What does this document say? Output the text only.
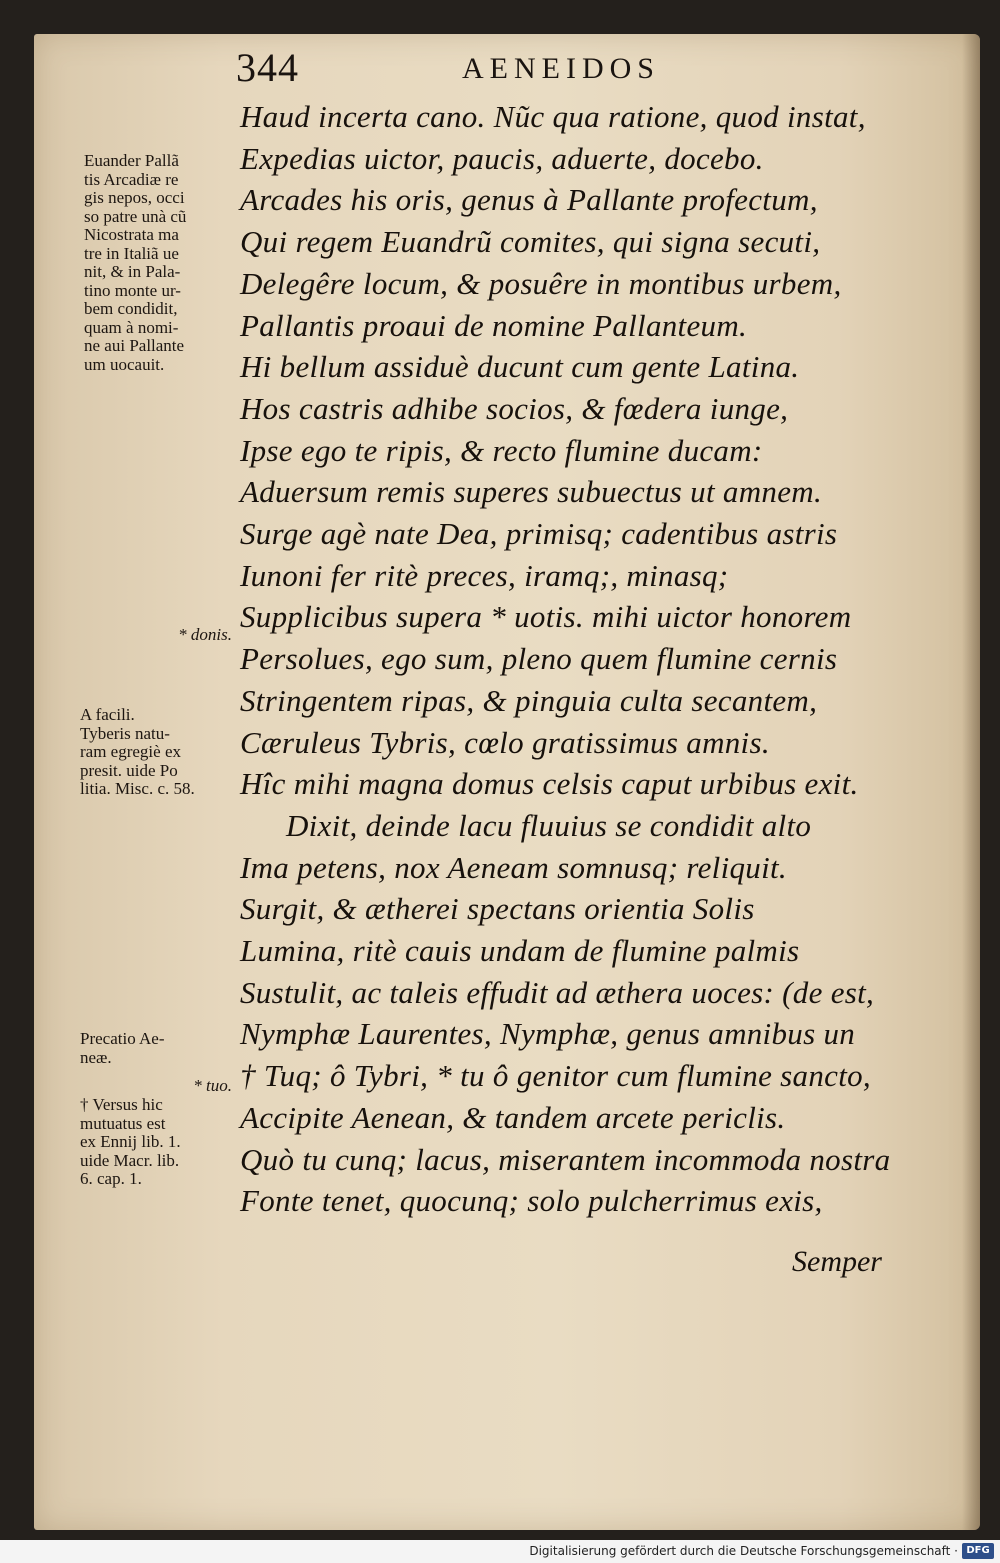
344	AENEIDOS
Haud incerta cano. Nũc qua ratione, quod instat,
Expedias uictor, paucis, aduerte, docebo.
Arcades his oris, genus à Pallante profectum,
Qui regem Euandrũ comites, qui signa secuti,
Delegêre locum, & posuêre in montibus urbem,
Pallantis proaui de nomine Pallanteum.
Hi bellum assiduè ducunt cum gente Latina.
Hos castris adhibe socios, & fœdera iunge,
Ipse ego te ripis, & recto flumine ducam:
Aduersum remis superes subuectus ut amnem.
Surge agè nate Dea, primisq; cadentibus astris
Iunoni fer ritè preces, iramq;, minasq;
Supplicibus supera * uotis. mihi uictor honorem
Persolues, ego sum, pleno quem flumine cernis
Stringentem ripas, & pinguia culta secantem,
Cæruleus Tybris, cœlo gratissimus amnis.
Hîc mihi magna domus celsis caput urbibus exit.
Dixit, deinde lacu fluuius se condidit alto
Ima petens, nox Aeneam somnusq; reliquit.
Surgit, & ætherei spectans orientia Solis
Lumina, ritè cauis undam de flumine palmis
Sustulit, ac taleis effudit ad æthera uoces: (de est,
Nymphæ Laurentes, Nymphæ, genus amnibus un
† Tuq; ô Tybri, * tu ô genitor cum flumine sancto,
Accipite Aenean, & tandem arcete periclis.
Quò tu cunq; lacus, miserantem incommoda nostra
Fonte tenet, quocunq; solo pulcherrimus exis,
Semper
Euander Pallã
tis Arcadiæ re
gis nepos, occi
so patre unà cũ
Nicostrata ma
tre in Italiã ue
nit, & in Pala-
tino monte ur-
bem condidit,
quam à nomi-
ne aui Pallante
um uocauit.
* donis.
A facili.
Tyberis natu-
ram egregiè ex
presit. uide Po
litia. Misc. c. 58.
Precatio Ae-
neæ.
* tuo.
† Versus hic
mutuatus est
ex Ennij lib. 1.
uide Macr. lib.
6. cap. 1.
Digitalisierung gefördert durch die Deutsche Forschungsgemeinschaft · DFG
